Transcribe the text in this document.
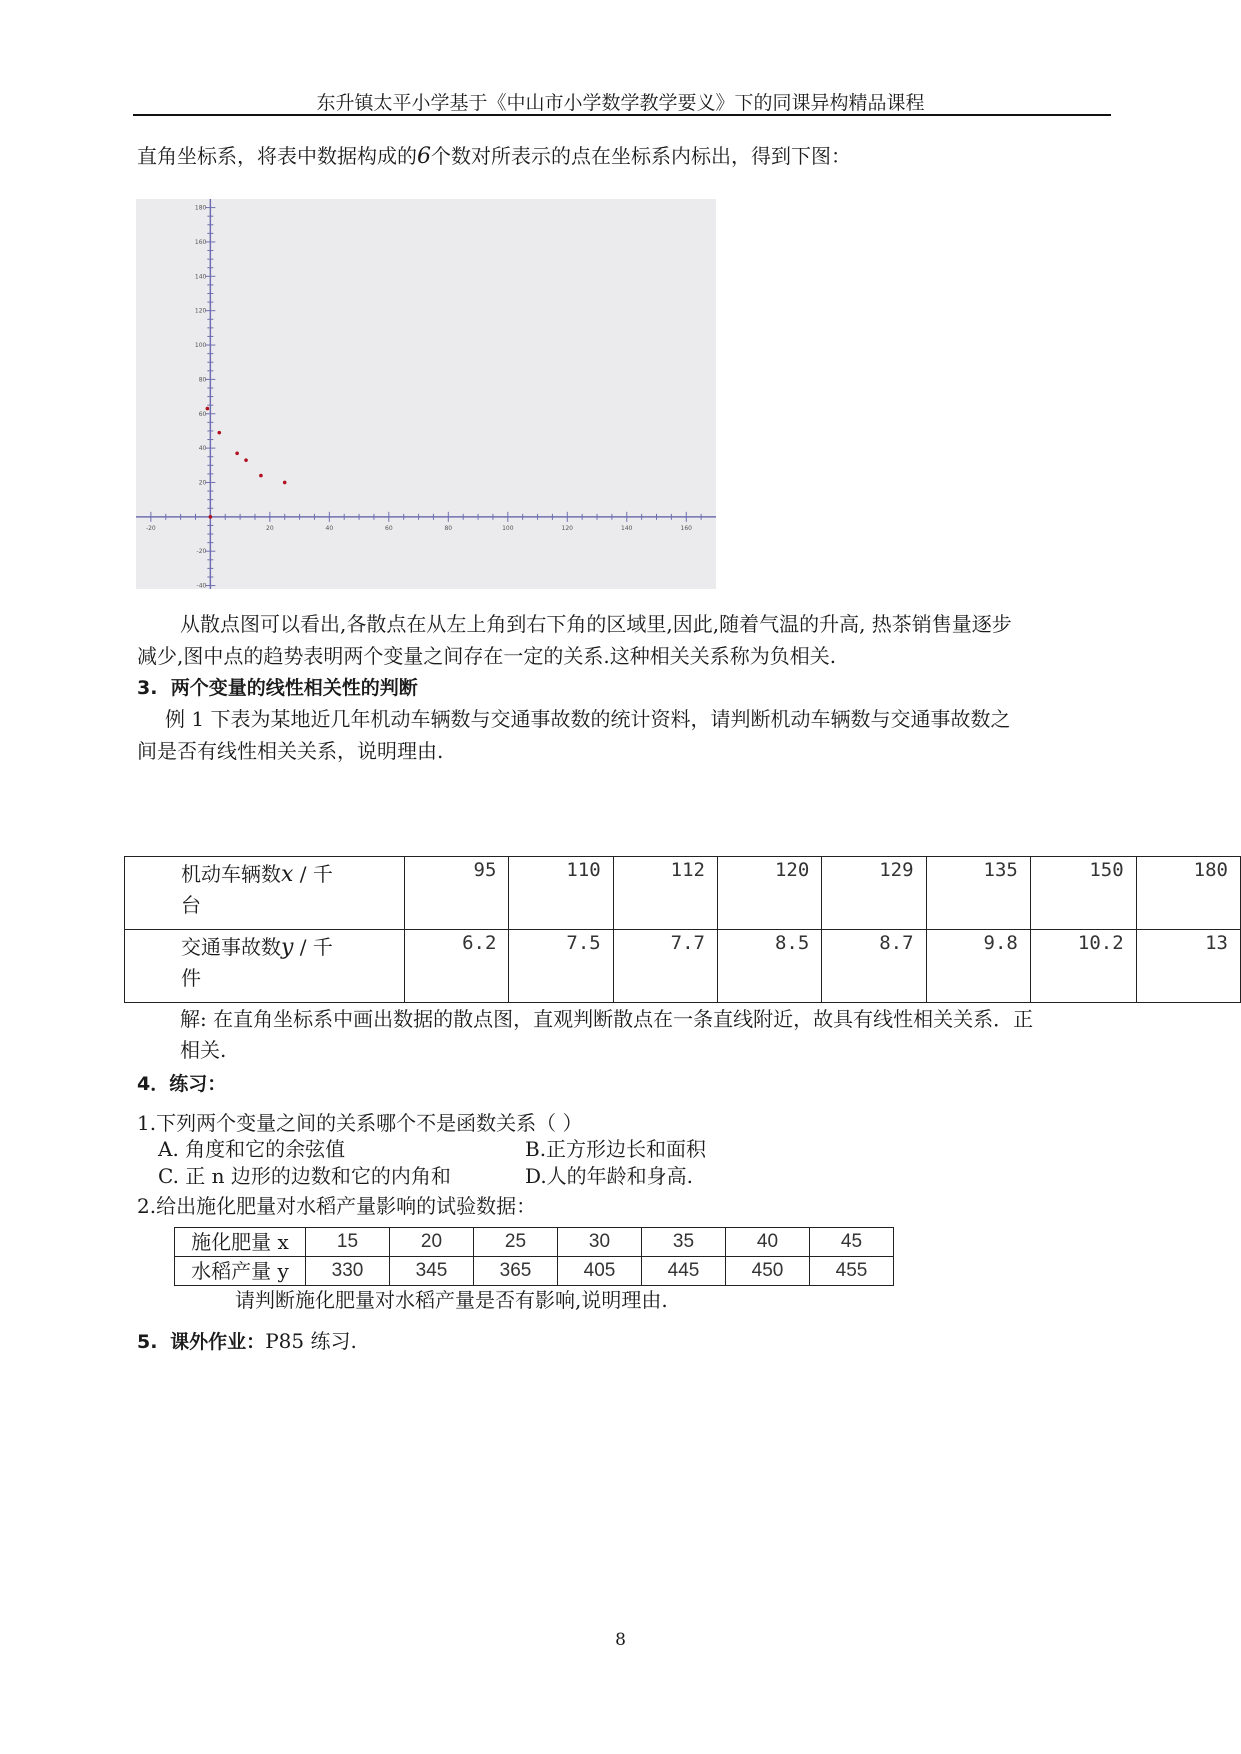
东升镇太平小学基于《中山市小学数学教学要义》下的同课异构精品课程
直角坐标系，将表中数据构成的6个数对所表示的点在坐标系内标出，得到下图：
-20	20	40	60	80	100	120	140	160
180
160
140
120
100
80
60
40
20
-20
-40
从散点图可以看出,各散点在从左上角到右下角的区域里,因此,随着气温的升高, 热茶销售量逐步
减少,图中点的趋势表明两个变量之间存在一定的关系.这种相关关系称为负相关.
3. 两个变量的线性相关性的判断
例 1 下表为某地近几年机动车辆数与交通事故数的统计资料，请判断机动车辆数与交通事故数之
间是否有线性相关关系，说明理由.
机动车辆数x / 千
台	95	110	112	120	129	135	150	180
交通事故数y / 千
件	6.2	7.5	7.7	8.5	8.7	9.8	10.2	13
解: 在直角坐标系中画出数据的散点图，直观判断散点在一条直线附近，故具有线性相关关系．正
相关.
4．练习：
1.下列两个变量之间的关系哪个不是函数关系（ ）
A. 角度和它的余弦值	B.正方形边长和面积
C. 正 n 边形的边数和它的内角和	D.人的年龄和身高.
2.给出施化肥量对水稻产量影响的试验数据：
施化肥量 x	15	20	25	30	35	40	45
水稻产量 y	330	345	365	405	445	450	455
请判断施化肥量对水稻产量是否有影响,说明理由.
5. 课外作业：P85 练习.
8
